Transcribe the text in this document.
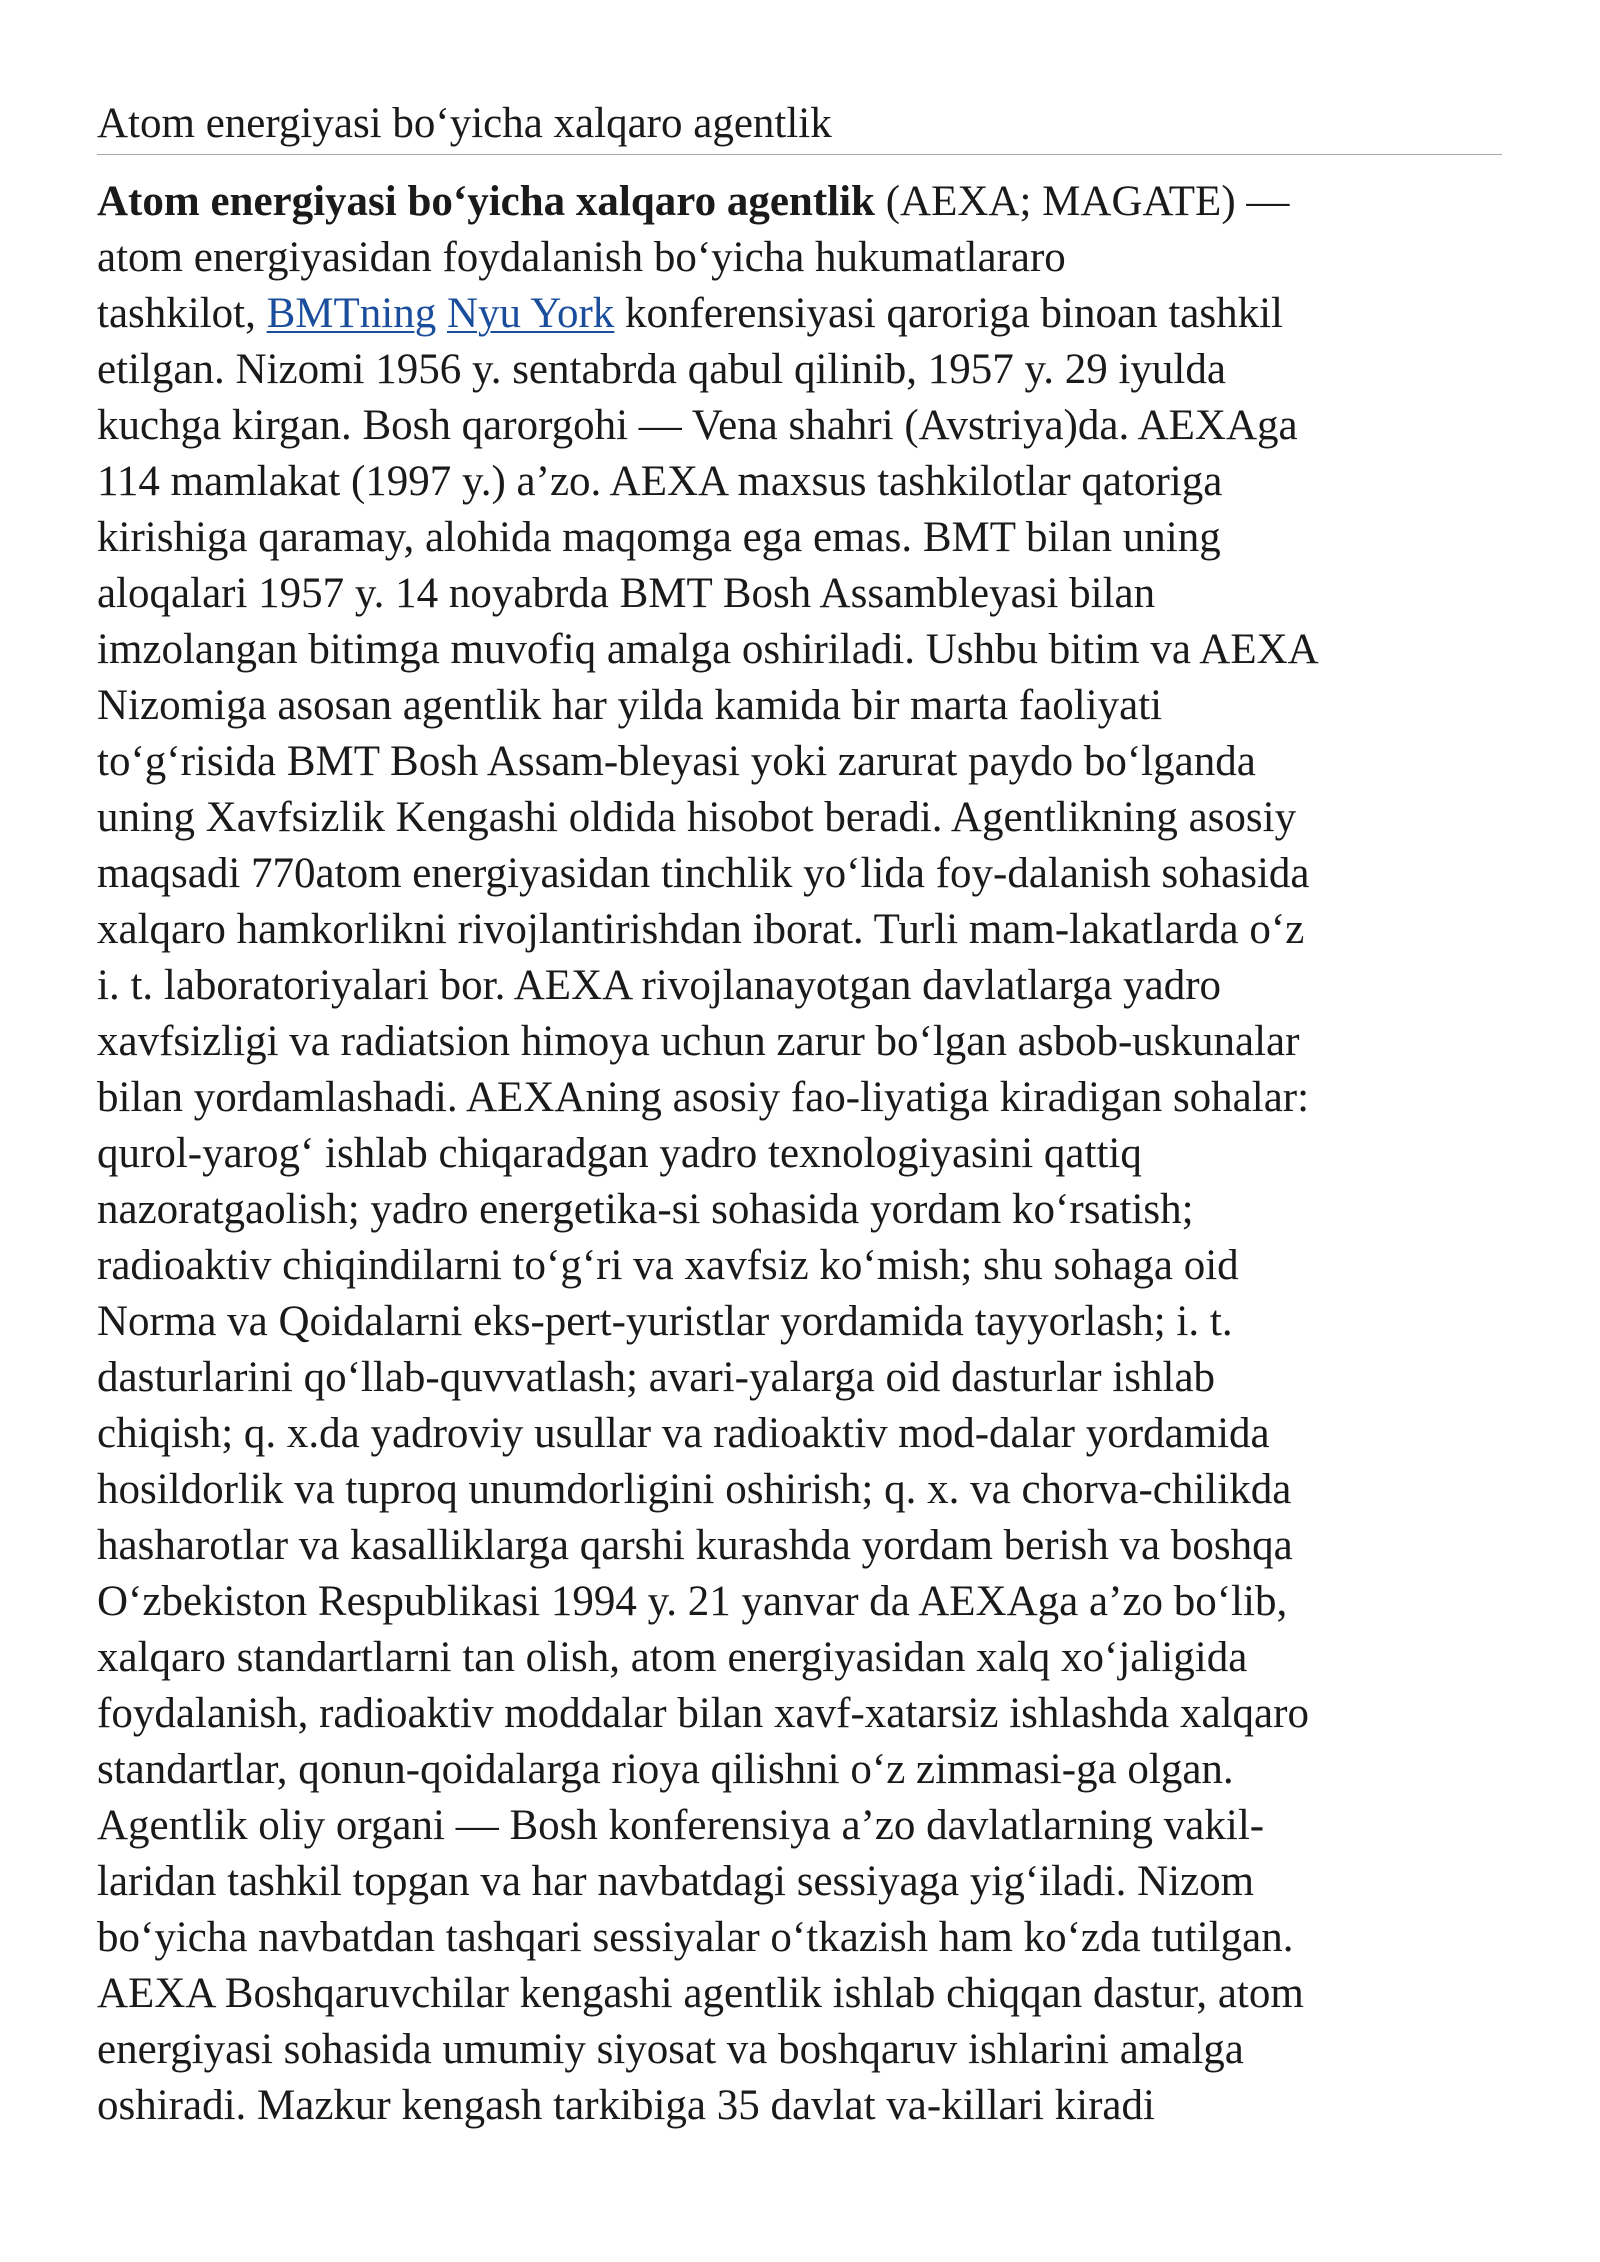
Atom energiyasi boʻyicha xalqaro agentlik
Atom energiyasi boʻyicha xalqaro agentlik (AEXA; MAGATE) —
atom energiyasidan foydalanish boʻyicha hukumatlararo
tashkilot, BMTning Nyu York konferensiyasi qaroriga binoan tashkil
etilgan. Nizomi 1956 y. sentabrda qabul qilinib, 1957 y. 29 iyulda
kuchga kirgan. Bosh qarorgohi — Vena shahri (Avstriya)da. AEXAga
114 mamlakat (1997 y.) a’zo. AEXA maxsus tashkilotlar qatoriga
kirishiga qaramay, alohida maqomga ega emas. BMT bilan uning
aloqalari 1957 y. 14 noyabrda BMT Bosh Assambleyasi bilan
imzolangan bitimga muvofiq amalga oshiriladi. Ushbu bitim va AEXA
Nizomiga asosan agentlik har yilda kamida bir marta faoliyati
toʻgʻrisida BMT Bosh Assam-bleyasi yoki zarurat paydo boʻlganda
uning Xavfsizlik Kengashi oldida hisobot beradi. Agentlikning asosiy
maqsadi 770atom energiyasidan tinchlik yoʻlida foy-dalanish sohasida
xalqaro hamkorlikni rivojlantirishdan iborat. Turli mam-lakatlarda oʻz
i. t. laboratoriyalari bor. AEXA rivojlanayotgan davlatlarga yadro
xavfsizligi va radiatsion himoya uchun zarur boʻlgan asbob-uskunalar
bilan yordamlashadi. AEXAning asosiy fao-liyatiga kiradigan sohalar:
qurol-yarogʻ ishlab chiqaradgan yadro texnologiyasini qattiq
nazoratgaolish; yadro energetika-si sohasida yordam koʻrsatish;
radioaktiv chiqindilarni toʻgʻri va xavfsiz koʻmish; shu sohaga oid
Norma va Qoidalarni eks-pert-yuristlar yordamida tayyorlash; i. t.
dasturlarini qoʻllab-quvvatlash; avari-yalarga oid dasturlar ishlab
chiqish; q. x.da yadroviy usullar va radioaktiv mod-dalar yordamida
hosildorlik va tuproq unumdorligini oshirish; q. x. va chorva-chilikda
hasharotlar va kasalliklarga qarshi kurashda yordam berish va boshqa
Oʻzbekiston Respublikasi 1994 y. 21 yanvar da AEXAga a’zo boʻlib,
xalqaro standartlarni tan olish, atom energiyasidan xalq xoʻjaligida
foydalanish, radioaktiv moddalar bilan xavf-xatarsiz ishlashda xalqaro
standartlar, qonun-qoidalarga rioya qilishni oʻz zimmasi-ga olgan.
Agentlik oliy organi — Bosh konferensiya a’zo davlatlarning vakil-
laridan tashkil topgan va har navbatdagi sessiyaga yigʻiladi. Nizom
boʻyicha navbatdan tashqari sessiyalar oʻtkazish ham koʻzda tutilgan.
AEXA Boshqaruvchilar kengashi agentlik ishlab chiqqan dastur, atom
energiyasi sohasida umumiy siyosat va boshqaruv ishlarini amalga
oshiradi. Mazkur kengash tarkibiga 35 davlat va-killari kiradi
